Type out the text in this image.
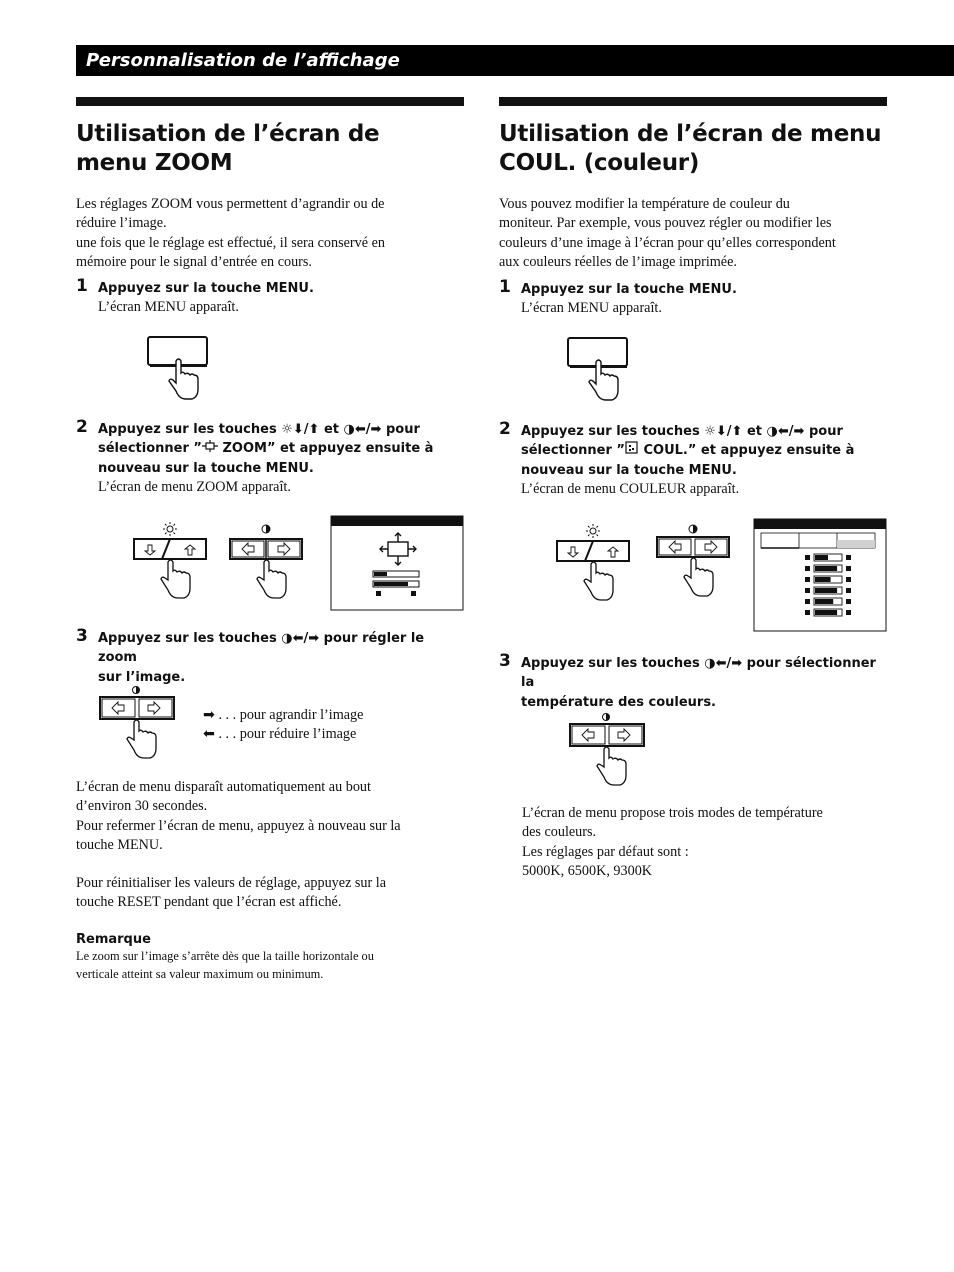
Personnalisation de l’affichage
Utilisation de l’écran de menu ZOOM

Les réglages ZOOM vous permettent d’agrandir ou de

réduire l’image.

une fois que le réglage est effectué, il sera conservé en

mémoire pour le signal d’entrée en cours.

1 Appuyez sur la touche MENU.
L’écran MENU apparaît.
2 Appuyez sur les touches ☼⬇/⬆ et ◑⬅/➡ pour
sélectionner ” ZOOM” et appuyez ensuite à
nouveau sur la touche MENU.
L’écran de menu ZOOM apparaît.
3 Appuyez sur les touches ◑⬅/➡ pour régler le zoom
sur l’image.

➡ . . . pour agrandir l’image

⬅ . . . pour réduire l’image

L’écran de menu disparaît automatiquement au bout

d’environ 30 secondes.

Pour refermer l’écran de menu, appuyez à nouveau sur la

touche MENU.

Pour réinitialiser les valeurs de réglage, appuyez sur la

touche RESET pendant que l’écran est affiché.

Remarque
Le zoom sur l’image s’arrête dès que la taille horizontale ou
verticale atteint sa valeur maximum ou minimum.
Utilisation de l’écran de menu
COUL. (couleur)

Vous pouvez modifier la température de couleur du

moniteur. Par exemple, vous pouvez régler ou modifier les

couleurs d’une image à l’écran pour qu’elles correspondent

aux couleurs réelles de l’image imprimée.

1 Appuyez sur la touche MENU.
L’écran MENU apparaît.
2 Appuyez sur les touches ☼⬇/⬆ et ◑⬅/➡ pour
sélectionner ” COUL.” et appuyez ensuite à
nouveau sur la touche MENU.
L’écran de menu COULEUR apparaît.
3 Appuyez sur les touches ◑⬅/➡ pour sélectionner la
température des couleurs.

L’écran de menu propose trois modes de température

des couleurs.

Les réglages par défaut sont :

5000K, 6500K, 9300K
